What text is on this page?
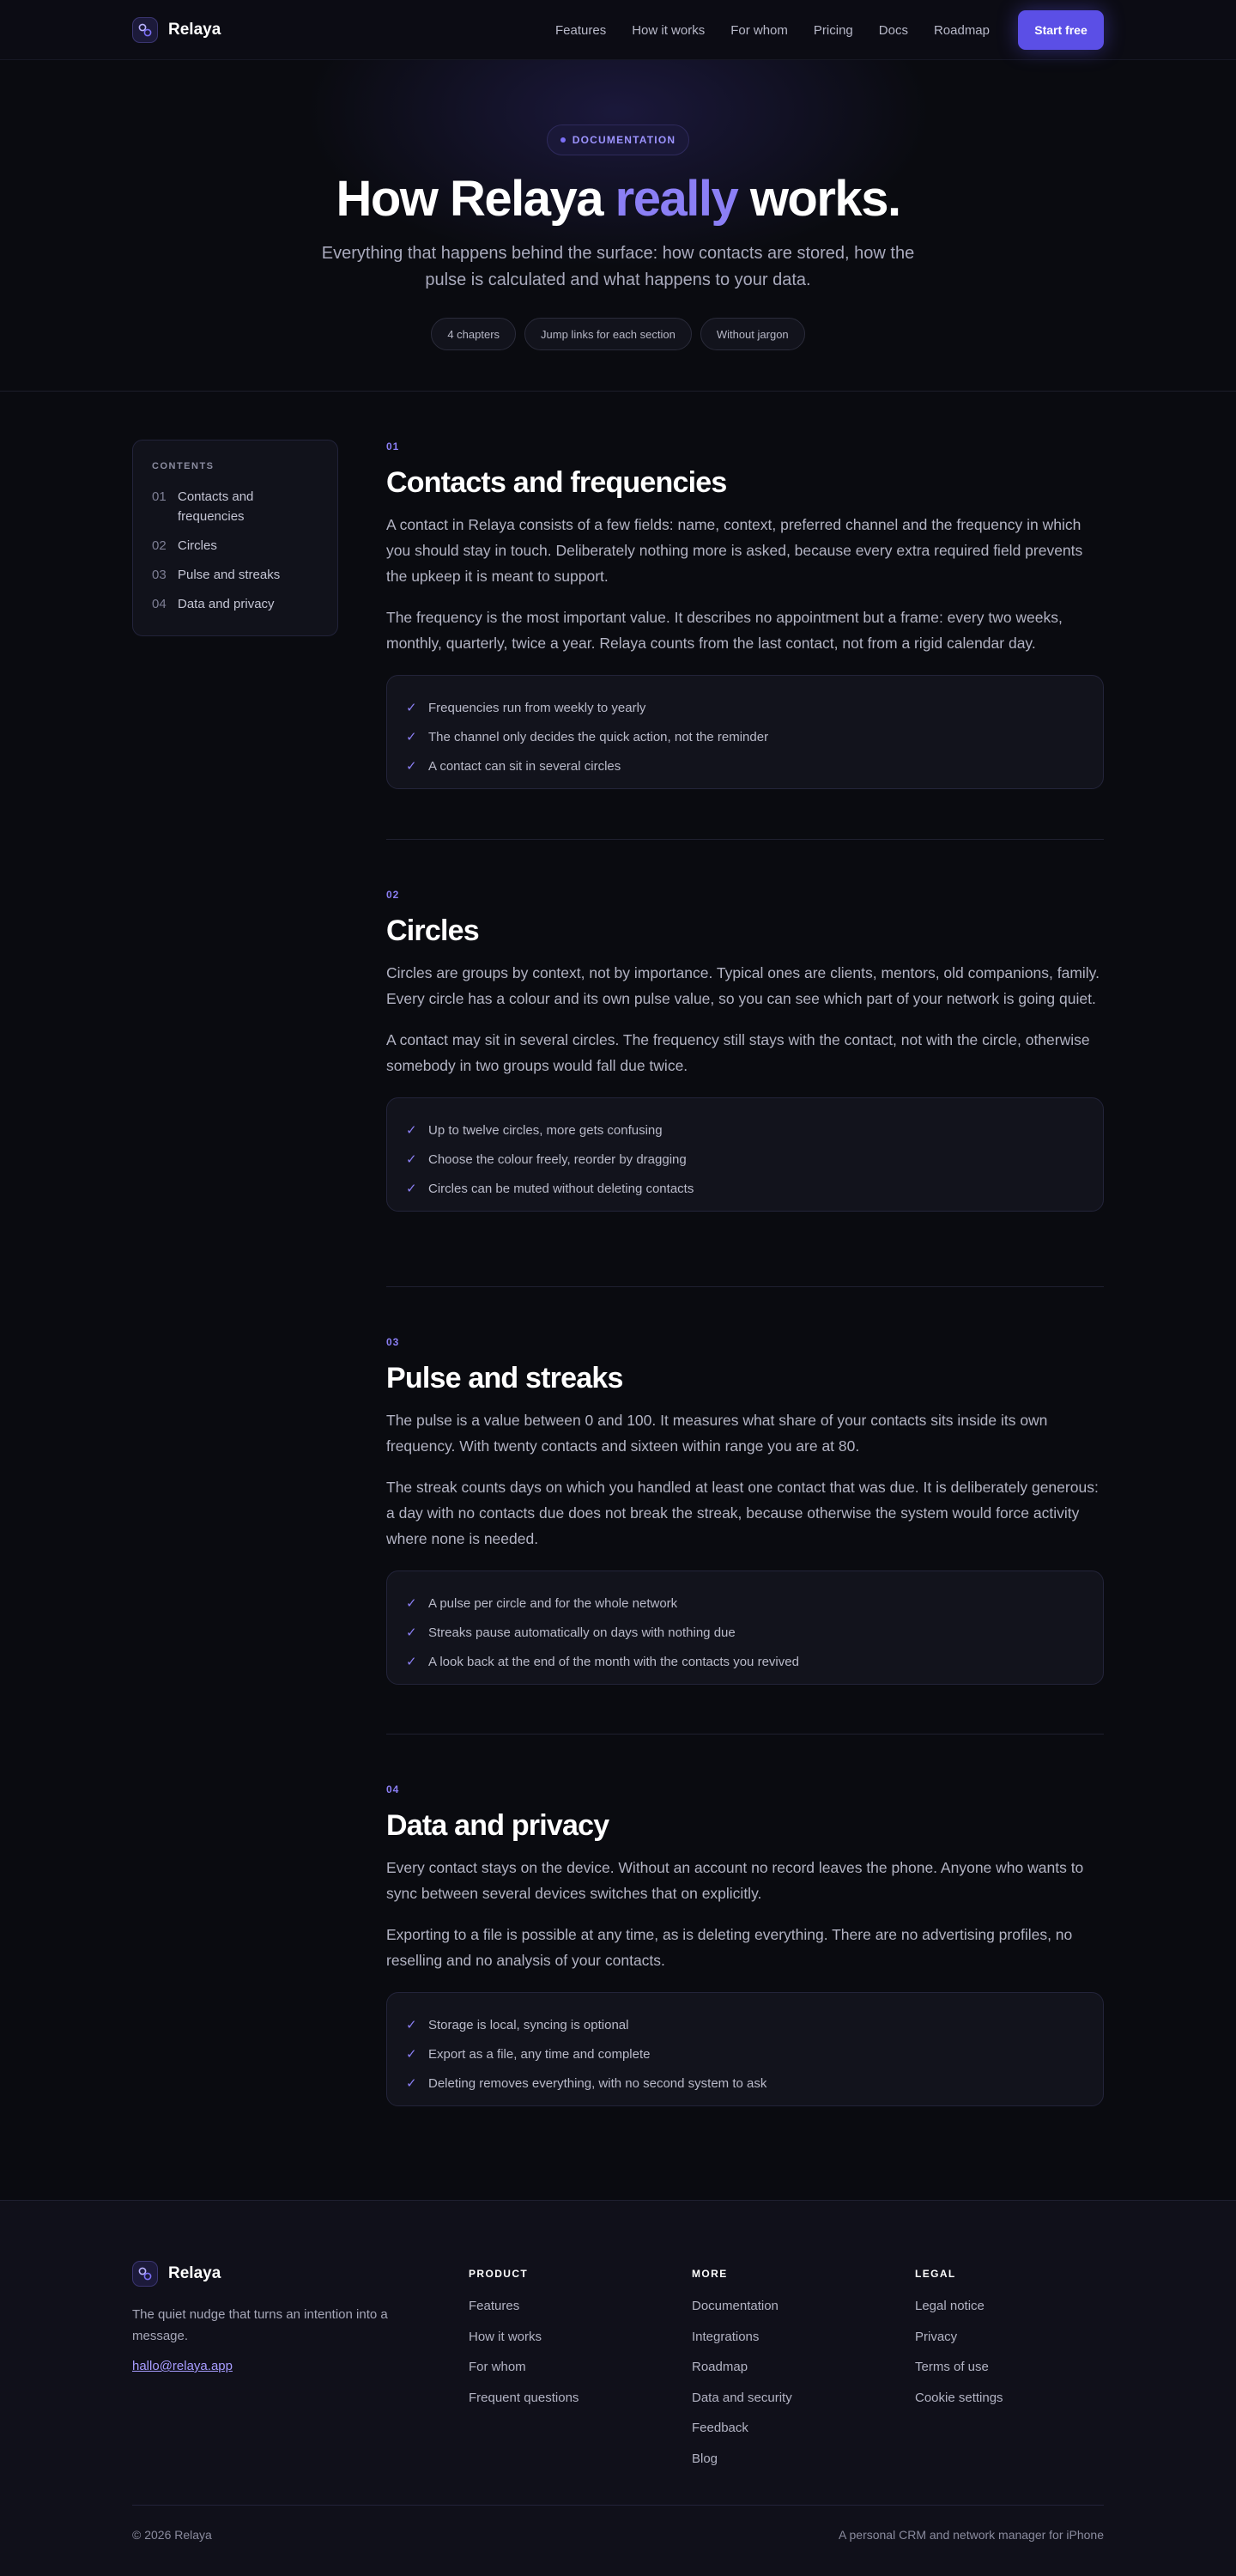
Relaya	Features How it works For whom Pricing Docs Roadmap	Start free
DOCUMENTATION
How Relaya really works.

Everything that happens behind the surface: how contacts are stored, how the pulse is calculated and what happens to your data.

4 chapters	Jump links for each section	Without jargon
CONTENTS
01 Contacts and frequencies
02 Circles
03 Pulse and streaks
04 Data and privacy
01
Contacts and frequencies

A contact in Relaya consists of a few fields: name, context, preferred channel and the frequency in which you should stay in touch. Deliberately nothing more is asked, because every extra required field prevents the upkeep it is meant to support.

The frequency is the most important value. It describes no appointment but a frame: every two weeks, monthly, quarterly, twice a year. Relaya counts from the last contact, not from a rigid calendar day.

✓ Frequencies run from weekly to yearly
✓ The channel only decides the quick action, not the reminder
✓ A contact can sit in several circles
02
Circles

Circles are groups by context, not by importance. Typical ones are clients, mentors, old companions, family. Every circle has a colour and its own pulse value, so you can see which part of your network is going quiet.

A contact may sit in several circles. The frequency still stays with the contact, not with the circle, otherwise somebody in two groups would fall due twice.

✓ Up to twelve circles, more gets confusing
✓ Choose the colour freely, reorder by dragging
✓ Circles can be muted without deleting contacts
03
Pulse and streaks

The pulse is a value between 0 and 100. It measures what share of your contacts sits inside its own frequency. With twenty contacts and sixteen within range you are at 80.

The streak counts days on which you handled at least one contact that was due. It is deliberately generous: a day with no contacts due does not break the streak, because otherwise the system would force activity where none is needed.

✓ A pulse per circle and for the whole network
✓ Streaks pause automatically on days with nothing due
✓ A look back at the end of the month with the contacts you revived
04
Data and privacy

Every contact stays on the device. Without an account no record leaves the phone. Anyone who wants to sync between several devices switches that on explicitly.

Exporting to a file is possible at any time, as is deleting everything. There are no advertising profiles, no reselling and no analysis of your contacts.

✓ Storage is local, syncing is optional
✓ Export as a file, any time and complete
✓ Deleting removes everything, with no second system to ask
Relaya

The quiet nudge that turns an intention into a message.

hallo@relaya.app
PRODUCT
Features
How it works
For whom
Frequent questions
MORE
Documentation
Integrations
Roadmap
Data and security
Feedback
Blog
LEGAL
Legal notice
Privacy
Terms of use
Cookie settings
© 2026 Relaya	A personal CRM and network manager for iPhone
